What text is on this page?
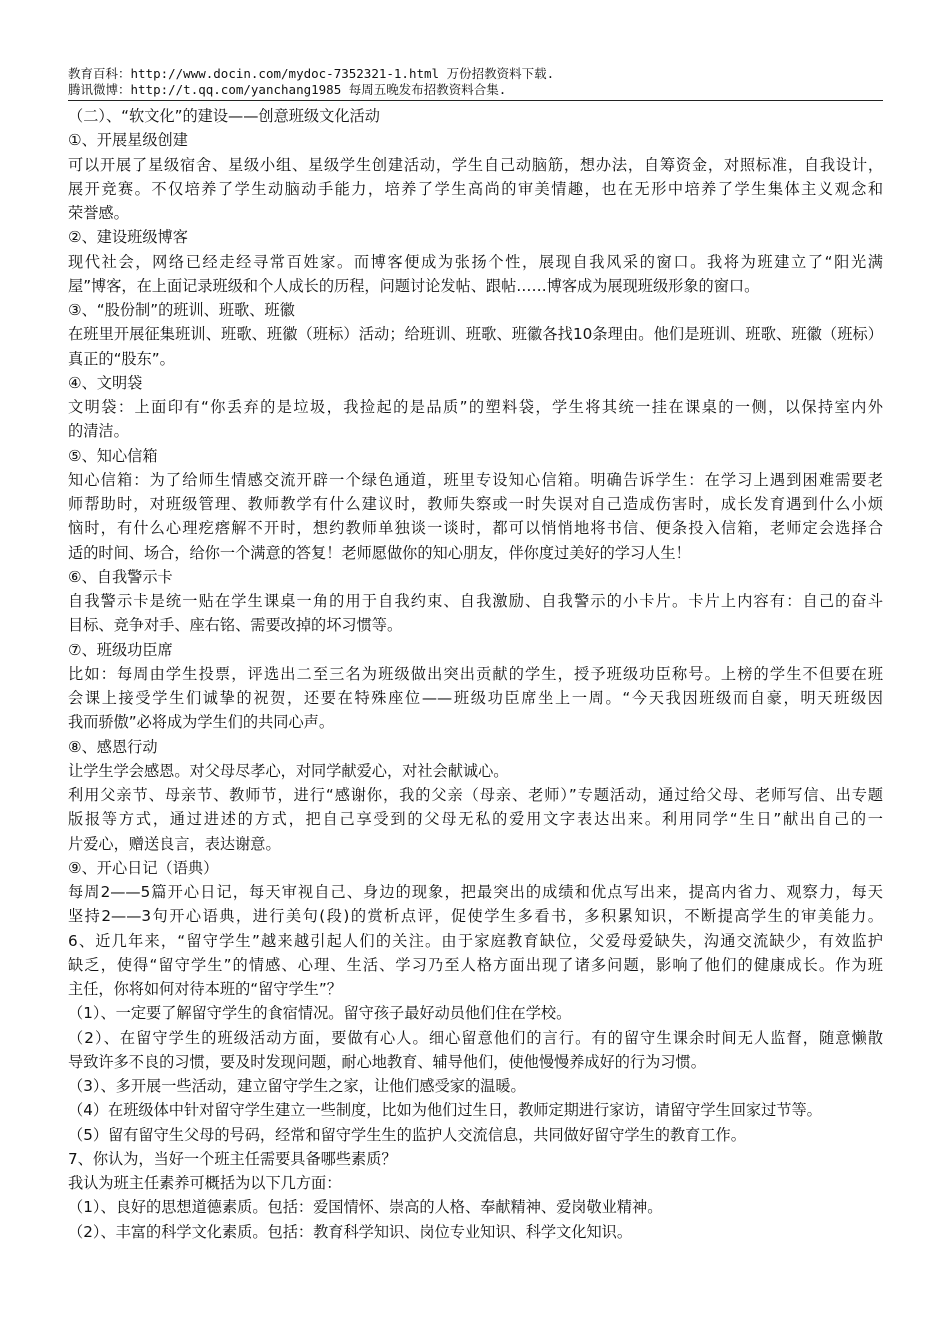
教育百科：http://www.docin.com/mydoc-7352321-1.html 万份招教资料下载.
腾讯微博：http://t.qq.com/yanchang1985 每周五晚发布招教资料合集.
（二）、“软文化”的建设——创意班级文化活动
①、开展星级创建
可以开展了星级宿舍、星级小组、星级学生创建活动，学生自己动脑筋，想办法，自筹资金，对照标准，自我设计，
展开竞赛。不仅培养了学生动脑动手能力，培养了学生高尚的审美情趣，也在无形中培养了学生集体主义观念和
荣誉感。
②、建设班级博客
现代社会，网络已经走经寻常百姓家。而博客便成为张扬个性，展现自我风采的窗口。我将为班建立了“阳光满
屋”博客，在上面记录班级和个人成长的历程，问题讨论发帖、跟帖……博客成为展现班级形象的窗口。
③、“股份制”的班训、班歌、班徽
在班里开展征集班训、班歌、班徽（班标）活动；给班训、班歌、班徽各找10条理由。他们是班训、班歌、班徽（班标）
真正的“股东”。
④、文明袋
文明袋：上面印有“你丢弃的是垃圾，我捡起的是品质”的塑料袋，学生将其统一挂在课桌的一侧，以保持室内外
的清洁。
⑤、知心信箱
知心信箱：为了给师生情感交流开辟一个绿色通道，班里专设知心信箱。明确告诉学生：在学习上遇到困难需要老
师帮助时，对班级管理、教师教学有什么建议时，教师失察或一时失误对自己造成伤害时，成长发育遇到什么小烦
恼时，有什么心理疙瘩解不开时，想约教师单独谈一谈时，都可以悄悄地将书信、便条投入信箱，老师定会选择合
适的时间、场合，给你一个满意的答复！老师愿做你的知心朋友，伴你度过美好的学习人生！
⑥、自我警示卡
自我警示卡是统一贴在学生课桌一角的用于自我约束、自我激励、自我警示的小卡片。卡片上内容有：自己的奋斗
目标、竞争对手、座右铭、需要改掉的坏习惯等。
⑦、班级功臣席
比如：每周由学生投票，评选出二至三名为班级做出突出贡献的学生，授予班级功臣称号。上榜的学生不但要在班
会课上接受学生们诚挚的祝贺，还要在特殊座位——班级功臣席坐上一周。“今天我因班级而自豪，明天班级因
我而骄傲”必将成为学生们的共同心声。
⑧、感恩行动
让学生学会感恩。对父母尽孝心，对同学献爱心，对社会献诚心。
利用父亲节、母亲节、教师节，进行“感谢你，我的父亲（母亲、老师）”专题活动，通过给父母、老师写信、出专题
版报等方式，通过进述的方式，把自己享受到的父母无私的爱用文字表达出来。利用同学“生日”献出自己的一
片爱心，赠送良言，表达谢意。
⑨、开心日记（语典）
每周2——5篇开心日记，每天审视自己、身边的现象，把最突出的成绩和优点写出来，提高内省力、观察力，每天
坚持2——3句开心语典，进行美句(段)的赏析点评，促使学生多看书，多积累知识，不断提高学生的审美能力。
6、近几年来，“留守学生”越来越引起人们的关注。由于家庭教育缺位，父爱母爱缺失，沟通交流缺少，有效监护
缺乏，使得“留守学生”的情感、心理、生活、学习乃至人格方面出现了诸多问题，影响了他们的健康成长。作为班
主任，你将如何对待本班的“留守学生”？
（1）、一定要了解留守学生的食宿情况。留守孩子最好动员他们住在学校。
（2）、在留守学生的班级活动方面，要做有心人。细心留意他们的言行。有的留守生课余时间无人监督，随意懒散
导致许多不良的习惯，要及时发现问题，耐心地教育、辅导他们，使他慢慢养成好的行为习惯。
（3）、多开展一些活动，建立留守学生之家，让他们感受家的温暖。
（4）在班级体中针对留守学生建立一些制度，比如为他们过生日，教师定期进行家访，请留守学生回家过节等。
（5）留有留守生父母的号码，经常和留守学生生的监护人交流信息，共同做好留守学生的教育工作。
7、你认为，当好一个班主任需要具备哪些素质？
我认为班主任素养可概括为以下几方面：
（1）、良好的思想道德素质。包括：爱国情怀、崇高的人格、奉献精神、爱岗敬业精神。
（2）、丰富的科学文化素质。包括：教育科学知识、岗位专业知识、科学文化知识。
